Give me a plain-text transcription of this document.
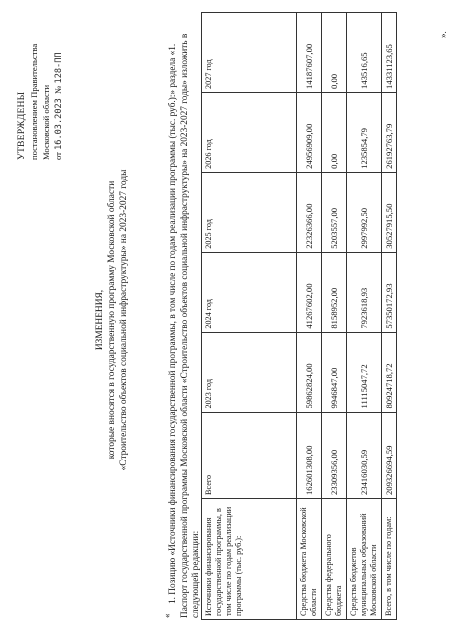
УТВЕРЖДЕНЫ постановлением Правительства Московской области от 16.03.2023  № 128-ПП
ИЗМЕНЕНИЯ, которые вносятся в государственную программу Московской области «Строительство объектов социальной инфраструктуры» на 2023-2027 годы
«
1. Позицию «Источники финансирования государственной программы, в том числе по годам реализации программы (тыс. руб.):» раздела «1. Паспорт государственной программы Московской области «Строительство объектов социальной инфраструктуры» на 2023-2027 годы» изложить в следующей редакции: Источники финансирования государственной программы, в том числе по годам реализации программы (тыс. руб.):	Всего	2023 год	2024 год	2025 год	2026 год	2027 год
Средства бюджета Московской области	162601308,00	59862824,00	41267602,00	22326366,00	24956909,00	14187607,00
Средства федерального бюджета	23309356,00	9946847,00	8158952,00	5203557,00	0,00	0,00
Средства бюджетов муниципальных образований Московской области	23416030,59	11115047,72	7923618,93	2997992,50	1235854,79	143516,65
Всего, в том числе по годам:	209326694,59	80924718,72	57350172,93	30527915,50	26192763,79	14331123,65
».
